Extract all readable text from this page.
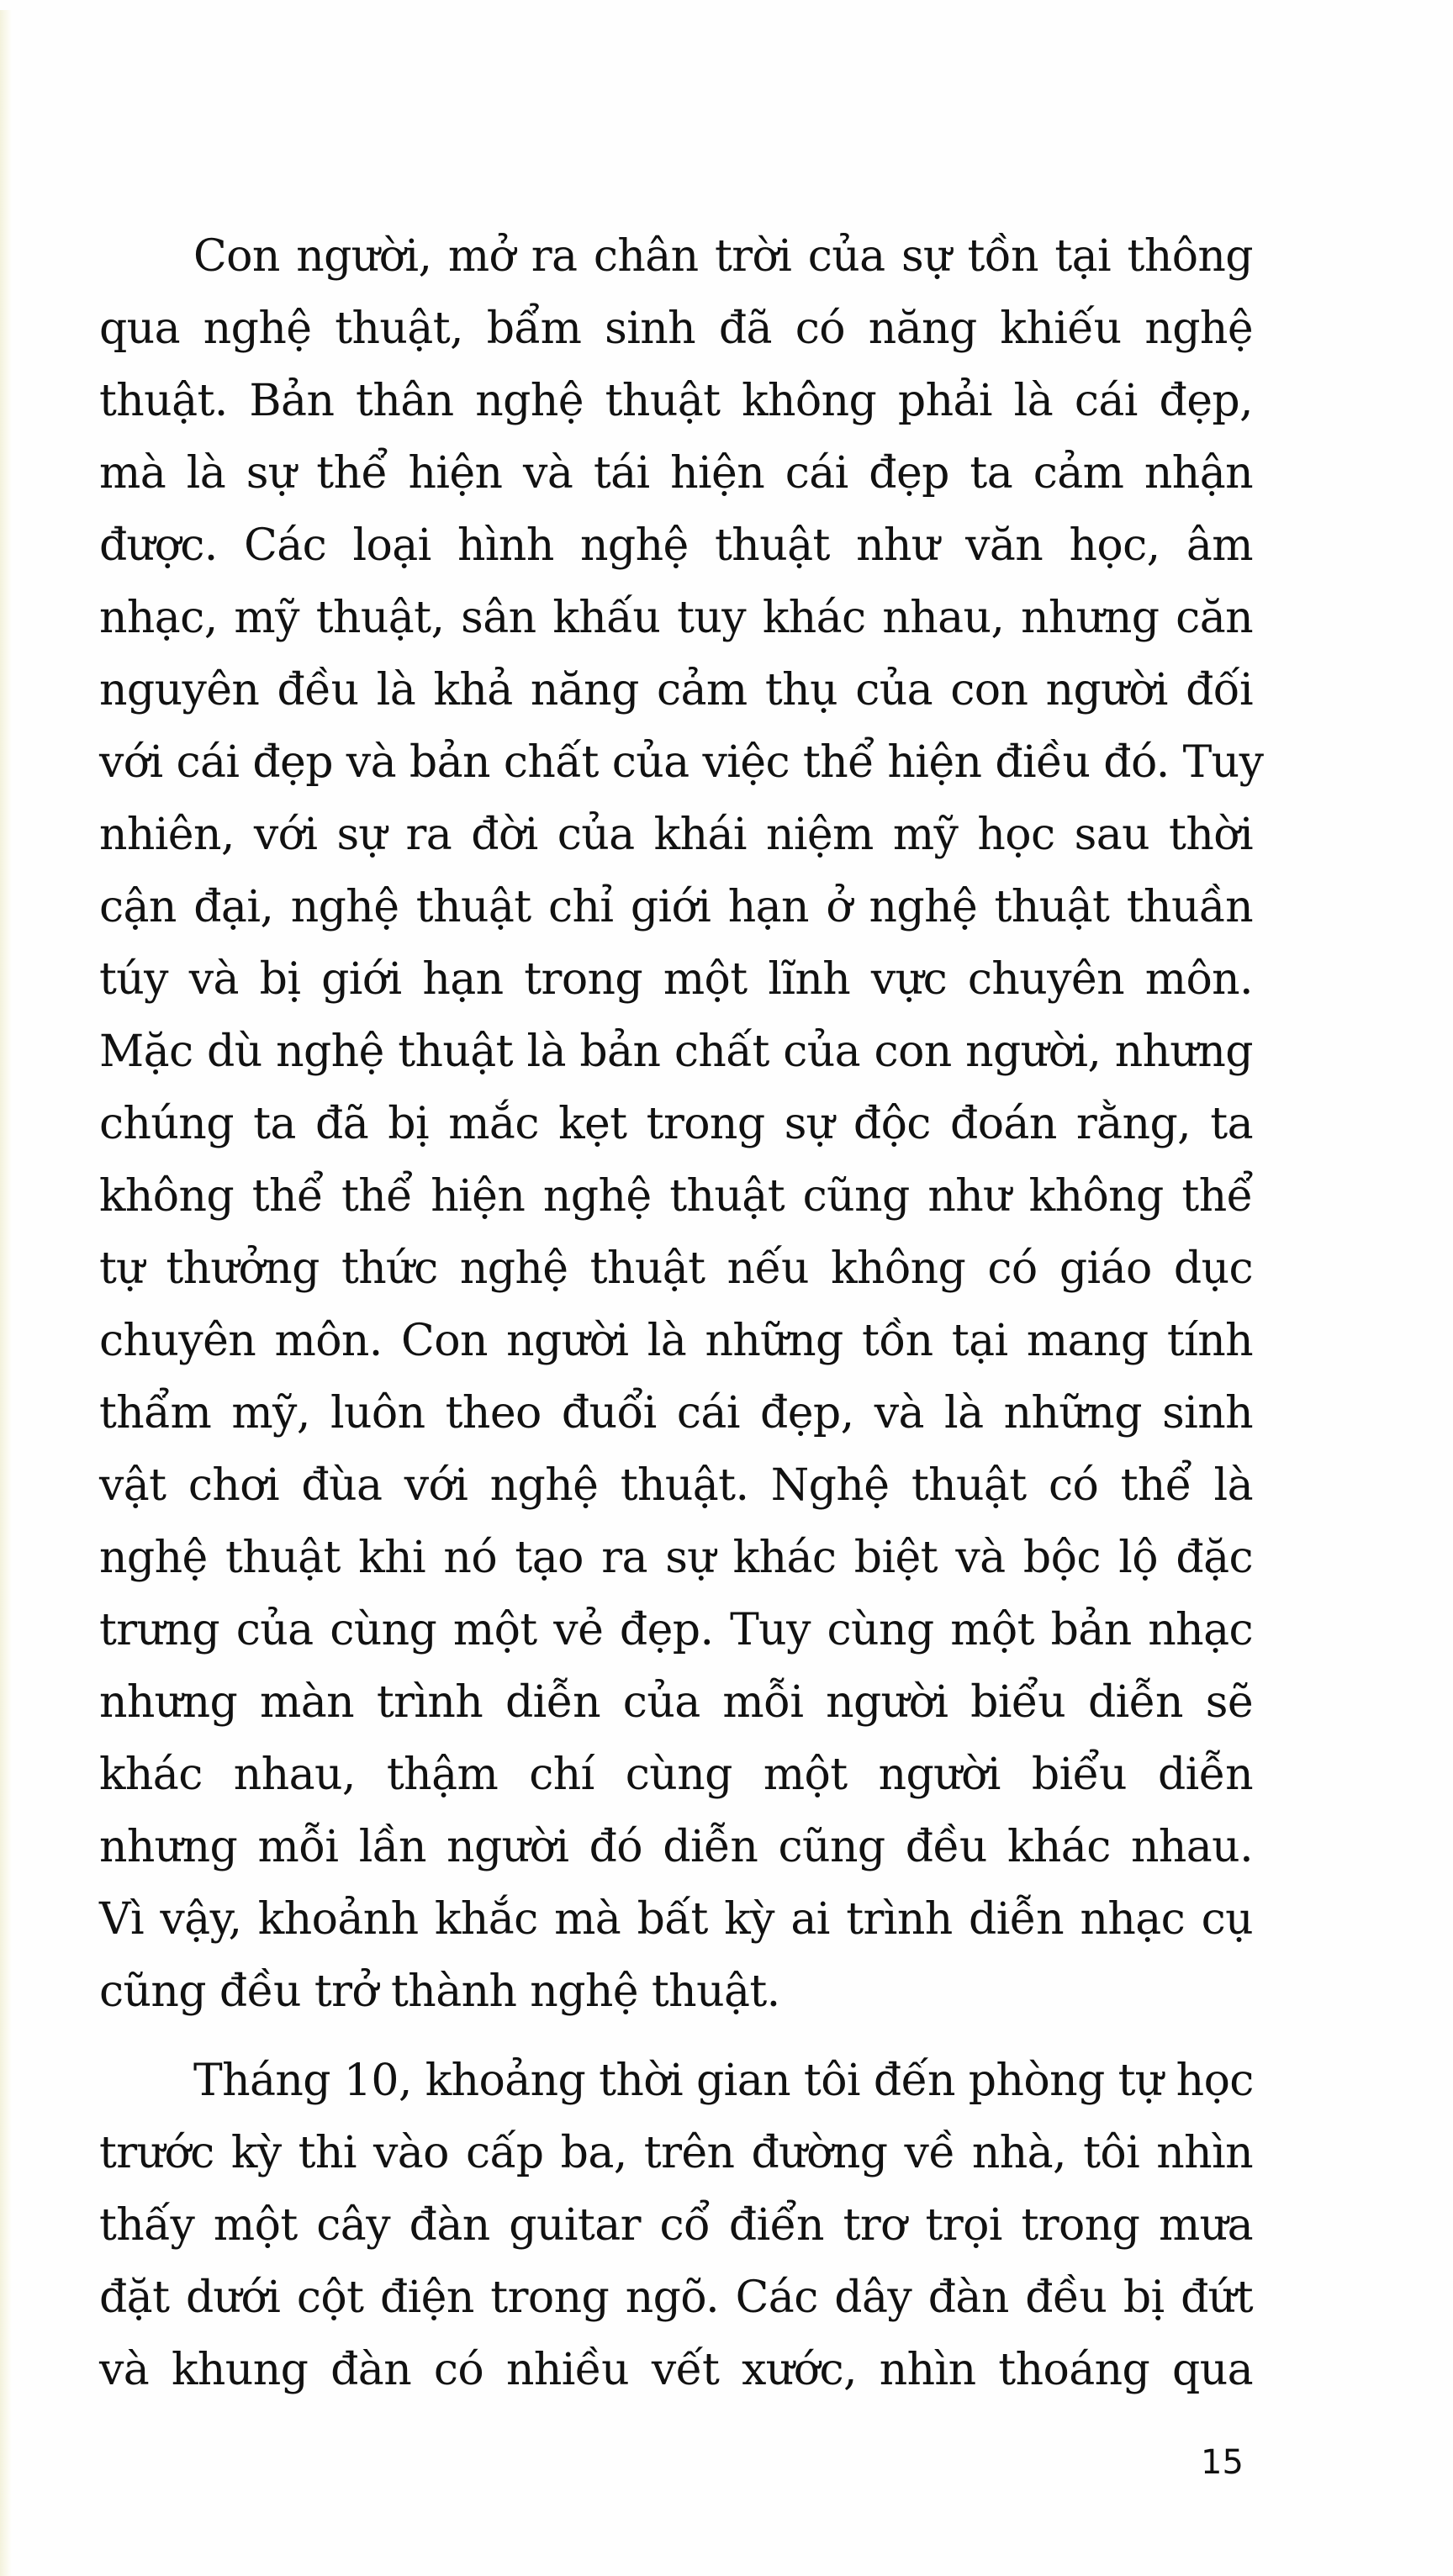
Con người, mở ra chân trời của sự tồn tại thông
qua nghệ thuật, bẩm sinh đã có năng khiếu nghệ
thuật. Bản thân nghệ thuật không phải là cái đẹp,
mà là sự thể hiện và tái hiện cái đẹp ta cảm nhận
được. Các loại hình nghệ thuật như văn học, âm
nhạc, mỹ thuật, sân khấu tuy khác nhau, nhưng căn
nguyên đều là khả năng cảm thụ của con người đối
với cái đẹp và bản chất của việc thể hiện điều đó. Tuy
nhiên, với sự ra đời của khái niệm mỹ học sau thời
cận đại, nghệ thuật chỉ giới hạn ở nghệ thuật thuần
túy và bị giới hạn trong một lĩnh vực chuyên môn.
Mặc dù nghệ thuật là bản chất của con người, nhưng
chúng ta đã bị mắc kẹt trong sự độc đoán rằng, ta
không thể thể hiện nghệ thuật cũng như không thể
tự thưởng thức nghệ thuật nếu không có giáo dục
chuyên môn. Con người là những tồn tại mang tính
thẩm mỹ, luôn theo đuổi cái đẹp, và là những sinh
vật chơi đùa với nghệ thuật. Nghệ thuật có thể là
nghệ thuật khi nó tạo ra sự khác biệt và bộc lộ đặc
trưng của cùng một vẻ đẹp. Tuy cùng một bản nhạc
nhưng màn trình diễn của mỗi người biểu diễn sẽ
khác nhau, thậm chí cùng một người biểu diễn
nhưng mỗi lần người đó diễn cũng đều khác nhau.
Vì vậy, khoảnh khắc mà bất kỳ ai trình diễn nhạc cụ
cũng đều trở thành nghệ thuật.

Tháng 10, khoảng thời gian tôi đến phòng tự học
trước kỳ thi vào cấp ba, trên đường về nhà, tôi nhìn
thấy một cây đàn guitar cổ điển trơ trọi trong mưa
đặt dưới cột điện trong ngõ. Các dây đàn đều bị đứt
và khung đàn có nhiều vết xước, nhìn thoáng qua

15
